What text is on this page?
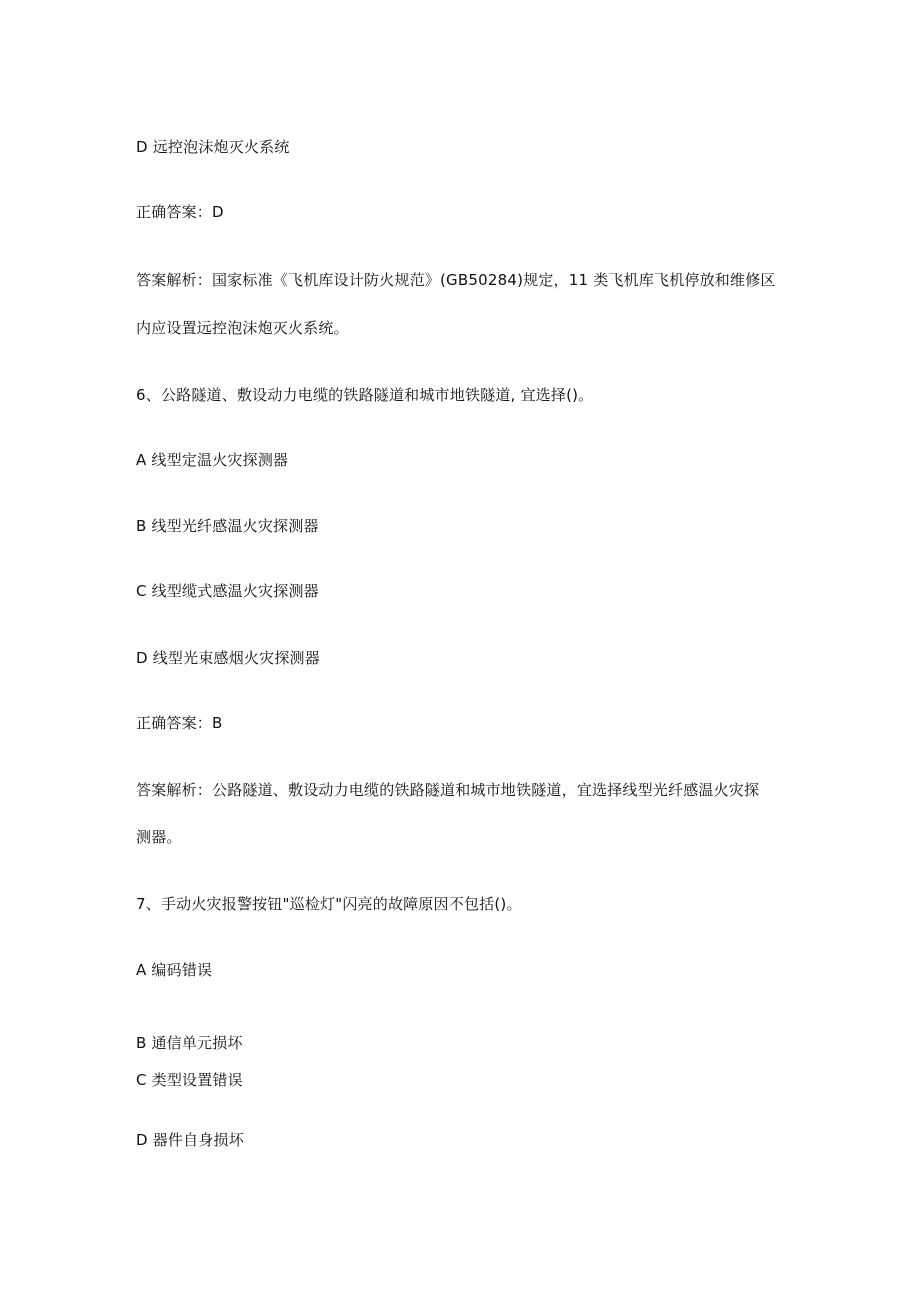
D 远控泡沫炮灭火系统
正确答案：D
答案解析：国家标准《飞机库设计防火规范》(GB50284)规定，11 类飞机库飞机停放和维修区
内应设置远控泡沫炮灭火系统。
6、公路隧道、敷设动力电缆的铁路隧道和城市地铁隧道, 宜选择()。
A 线型定温火灾探测器
B 线型光纤感温火灾探测器
C 线型缆式感温火灾探测器
D 线型光束感烟火灾探测器
正确答案：B
答案解析：公路隧道、敷设动力电缆的铁路隧道和城市地铁隧道，宜选择线型光纤感温火灾探
测器。
7、手动火灾报警按钮"巡检灯"闪亮的故障原因不包括()。
A 编码错误
B 通信单元损坏
C 类型设置错误
D 器件自身损坏
